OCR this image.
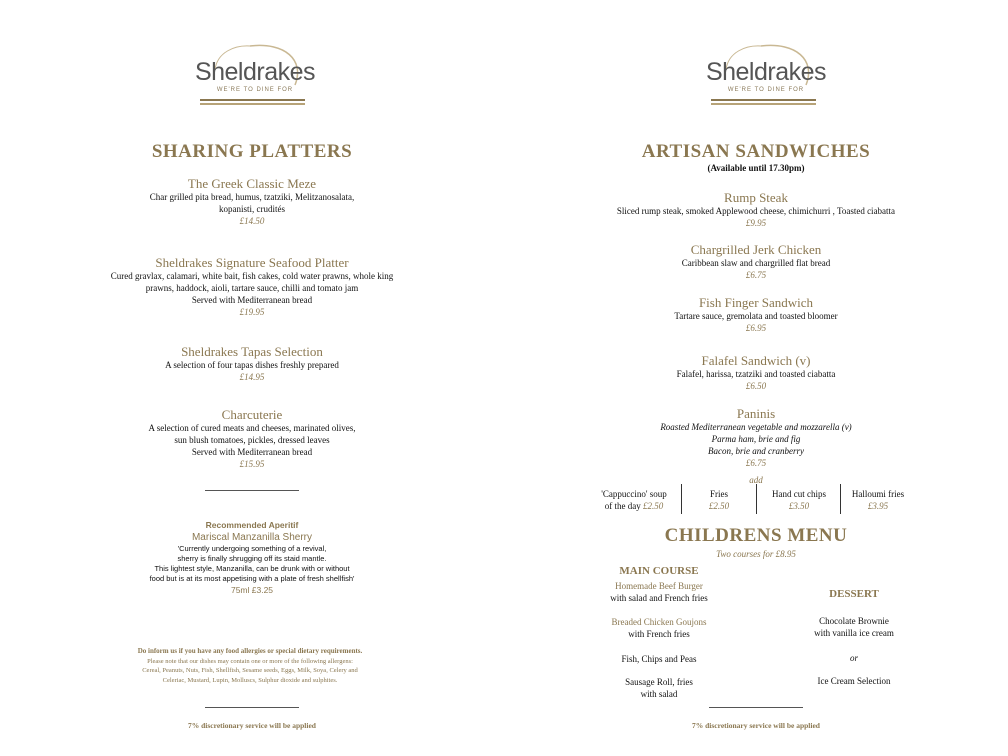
Sheldrakes
WE'RE TO DINE FOR
SHARING PLATTERS
The Greek Classic Meze
Char grilled pita bread, humus, tzatziki, Melitzanosalata,
kopanisti, crudités
£14.50
Sheldrakes Signature Seafood Platter
Cured gravlax, calamari, white bait, fish cakes, cold water prawns, whole king
prawns, haddock, aioli, tartare sauce, chilli and tomato jam
Served with Mediterranean bread
£19.95
Sheldrakes Tapas Selection
A selection of four tapas dishes freshly prepared
£14.95
Charcuterie
A selection of cured meats and cheeses, marinated olives,
sun blush tomatoes, pickles, dressed leaves
Served with Mediterranean bread
£15.95
Recommended Aperitif
Mariscal Manzanilla Sherry
'Currently undergoing something of a revival,
sherry is finally shrugging off its staid mantle.
This lightest style, Manzanilla, can be drunk with or without
food but is at its most appetising with a plate of fresh shellfish'
75ml £3.25
Do inform us if you have any food allergies or special dietary requirements.
Please note that our dishes may contain one or more of the following allergens:
Cereal, Peanuts, Nuts, Fish, Shellfish, Sesame seeds, Eggs, Milk, Soya, Celery and
Celeriac, Mustard, Lupin, Molluscs, Sulphur dioxide and sulphites.
7% discretionary service will be applied
Sheldrakes
WE'RE TO DINE FOR
ARTISAN SANDWICHES
(Available until 17.30pm)
Rump Steak
Sliced rump steak, smoked Applewood cheese, chimichurri , Toasted ciabatta
£9.95
Chargrilled Jerk Chicken
Caribbean slaw and chargrilled flat bread
£6.75
Fish Finger Sandwich
Tartare sauce, gremolata and toasted bloomer
£6.95
Falafel Sandwich (v)
Falafel, harissa, tzatziki and toasted ciabatta
£6.50
Paninis
Roasted Mediterranean vegetable and mozzarella (v)
Parma ham, brie and fig
Bacon, brie and cranberry
£6.75
add
'Cappuccino' soup
of the day £2.50
Fries
£2.50
Hand cut chips
£3.50
Halloumi fries
£3.95
CHILDRENS MENU
Two courses for £8.95
MAIN COURSE
Homemade Beef Burger
with salad and French fries
Breaded Chicken Goujons
with French fries
Fish, Chips and Peas
Sausage Roll, fries
with salad
DESSERT
Chocolate Brownie
with vanilla ice cream
or
Ice Cream Selection
7% discretionary service will be applied
